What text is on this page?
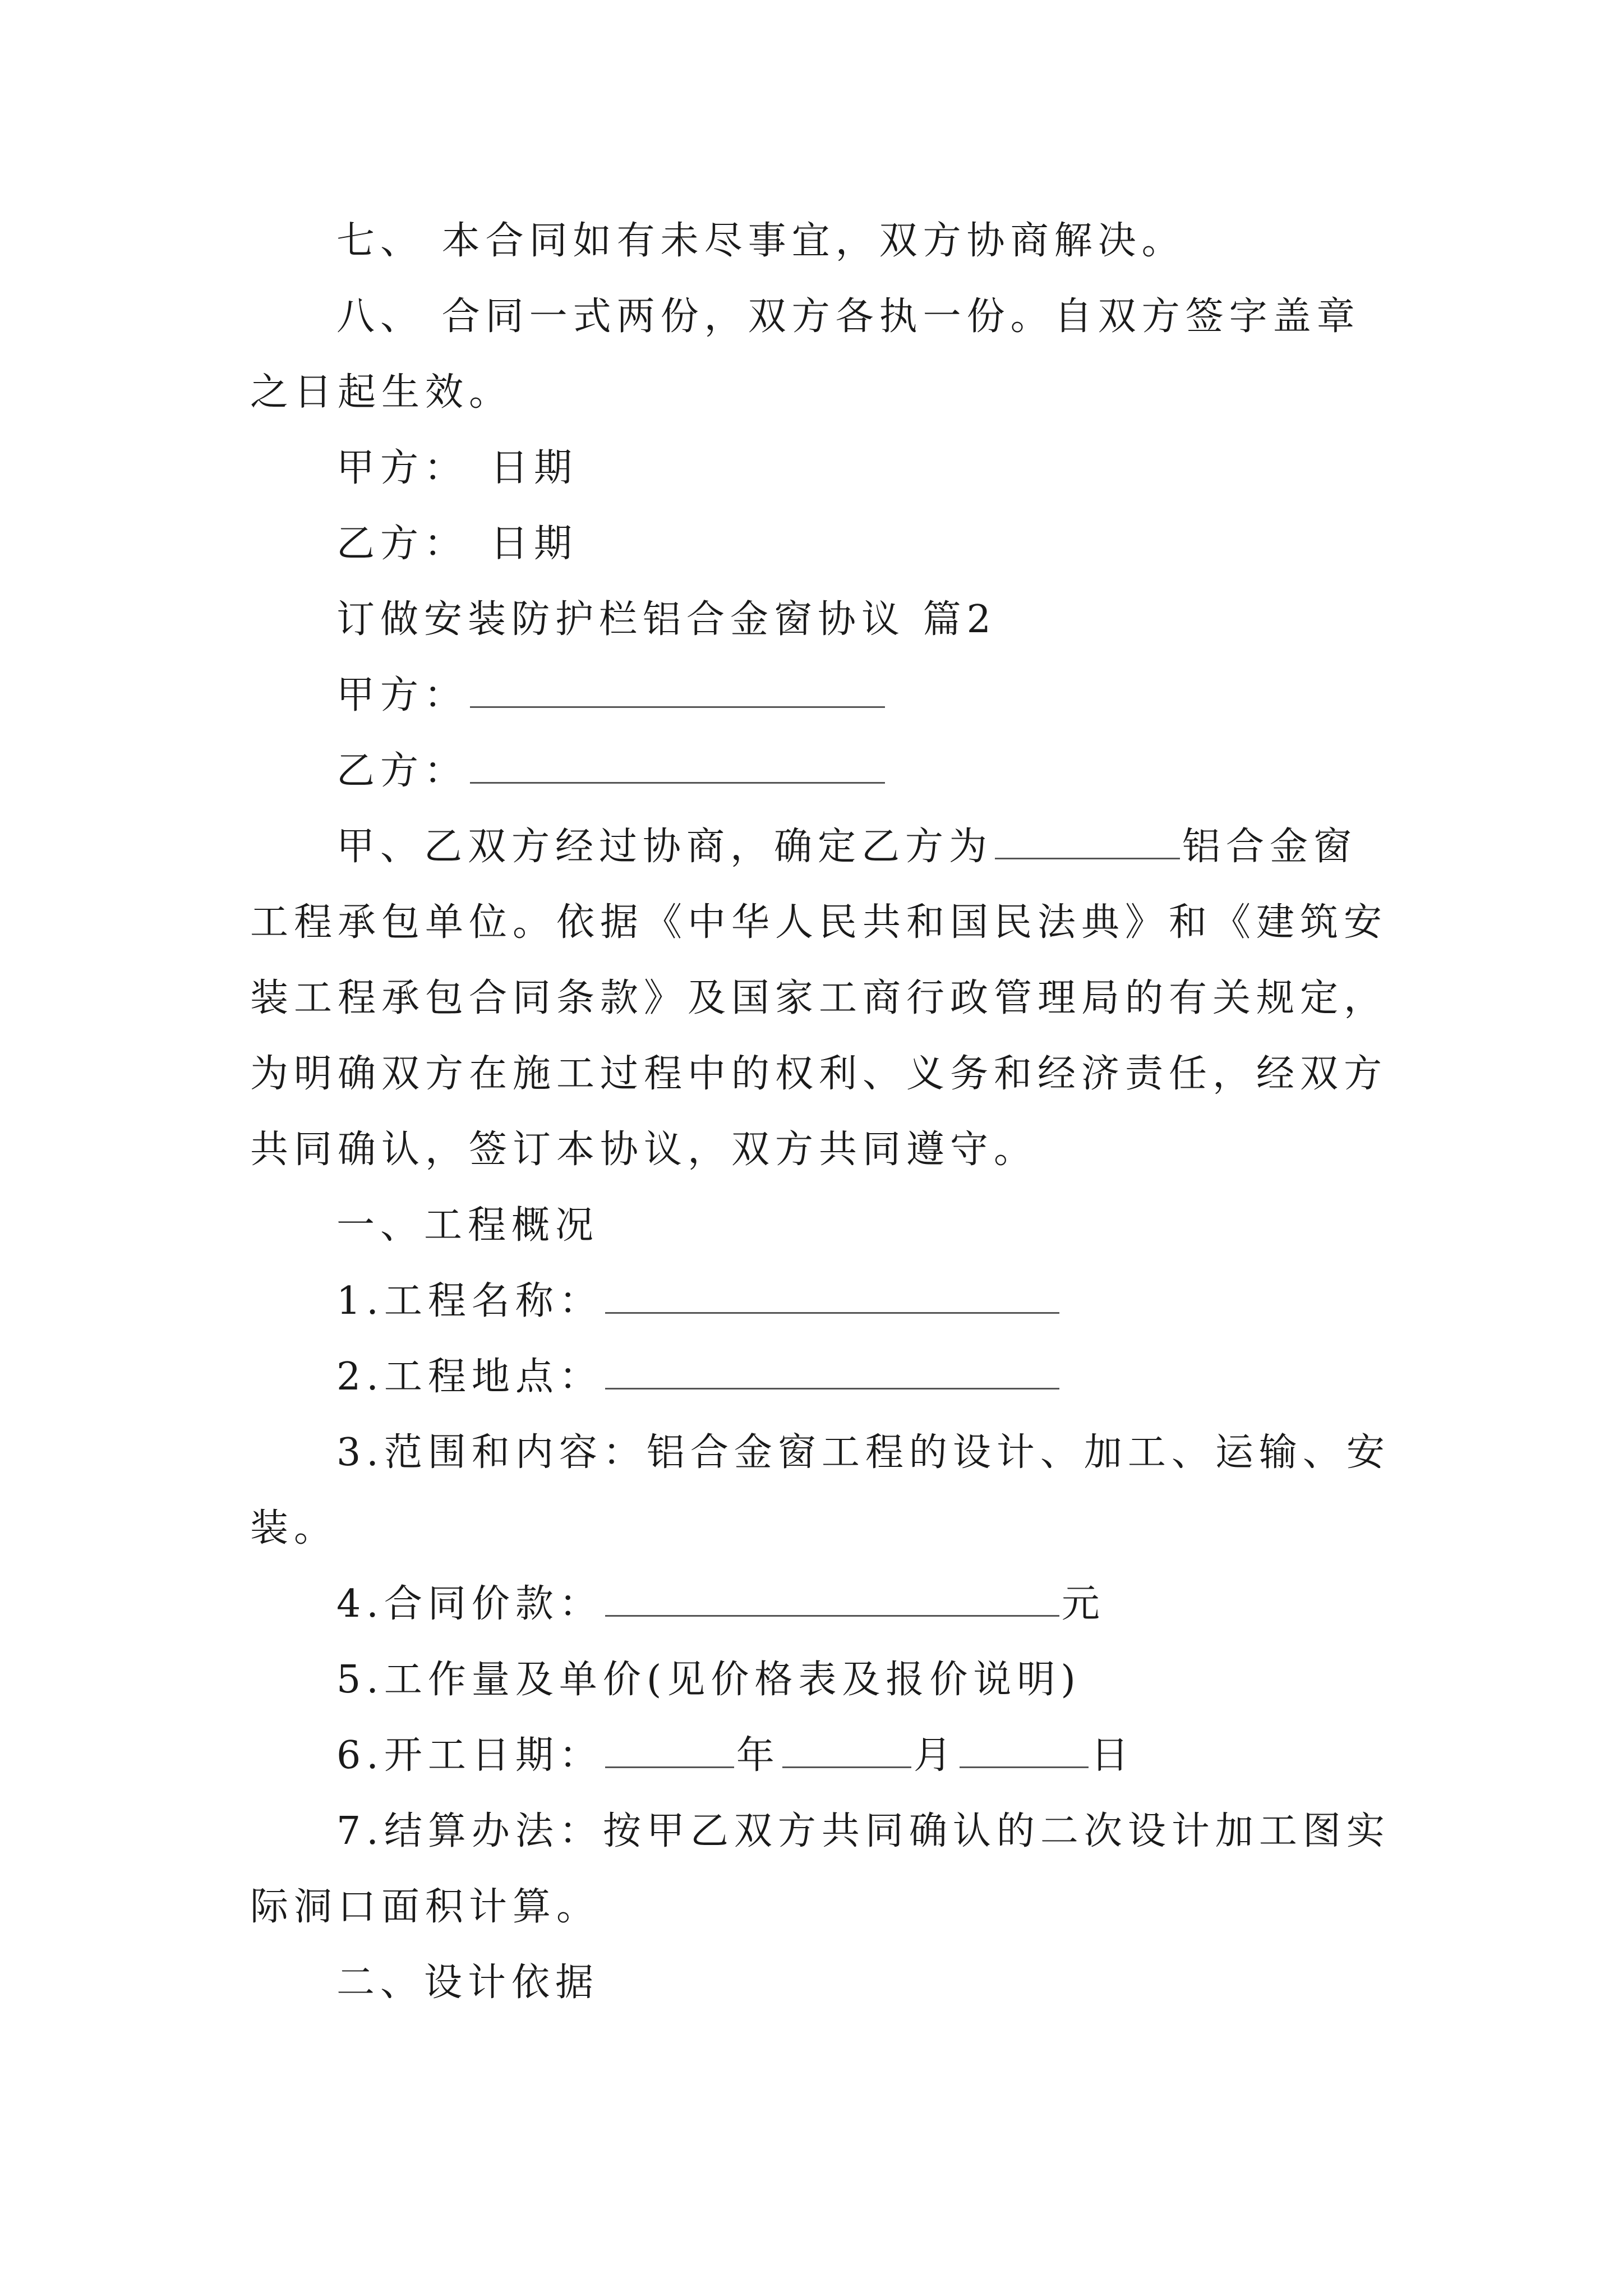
七、 本合同如有未尽事宜，双方协商解决。
八、 合同一式两份，双方各执一份。自双方签字盖章
之日起生效。
甲方： 日期
乙方： 日期
订做安装防护栏铝合金窗协议 篇2
甲方：
乙方：
甲、乙双方经过协商，确定乙方为	铝合金窗
工程承包单位。依据《中华人民共和国民法典》和《建筑安
装工程承包合同条款》及国家工商行政管理局的有关规定，
为明确双方在施工过程中的权利、义务和经济责任，经双方
共同确认，签订本协议，双方共同遵守。
一、工程概况
1.工程名称：
2.工程地点：
3.范围和内容：铝合金窗工程的设计、加工、运输、安
装。
4.合同价款：	元
5.工作量及单价(见价格表及报价说明)
6.开工日期：	年	月	日
7.结算办法：按甲乙双方共同确认的二次设计加工图实
际洞口面积计算。
二、设计依据
